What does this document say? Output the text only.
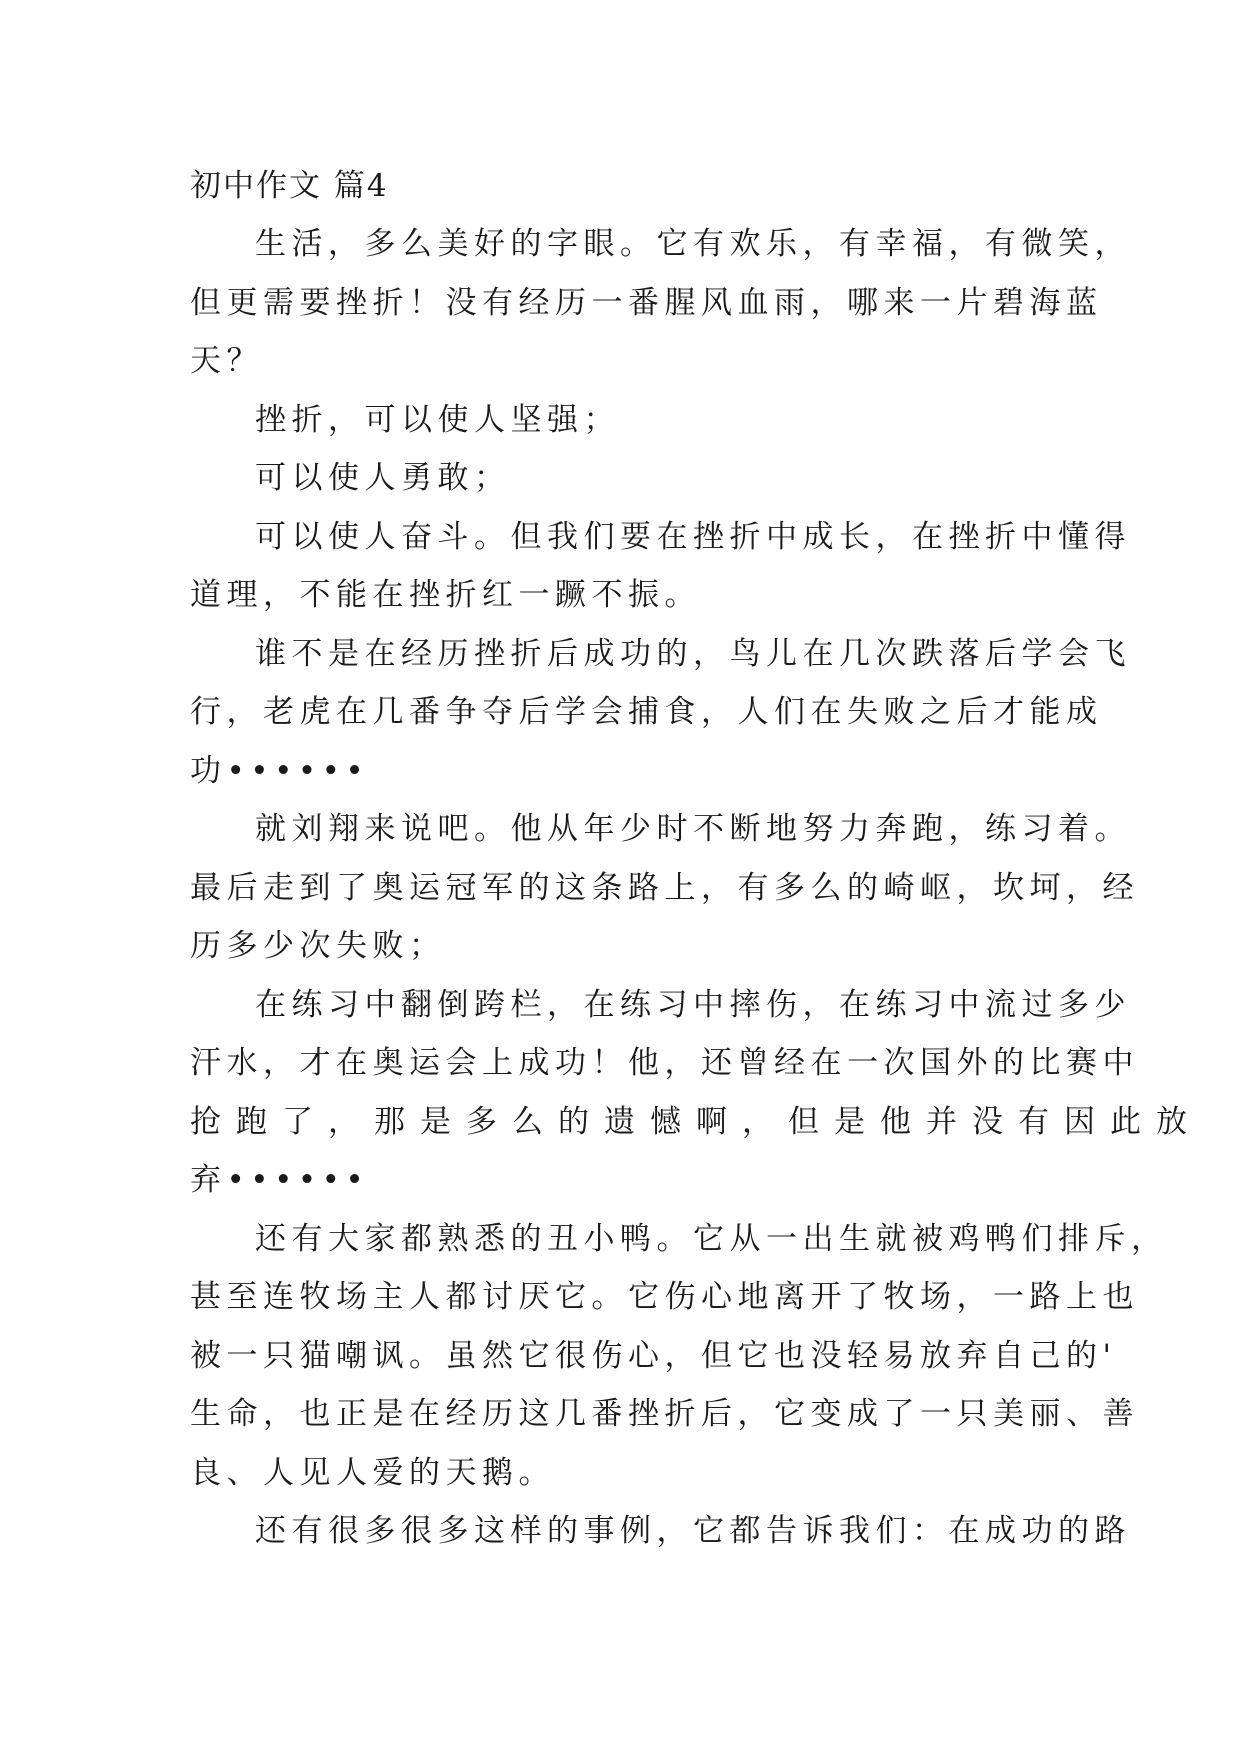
初中作文 篇4
生活，多么美好的字眼。它有欢乐，有幸福，有微笑，
但更需要挫折！没有经历一番腥风血雨，哪来一片碧海蓝
天？
挫折，可以使人坚强；
可以使人勇敢；
可以使人奋斗。但我们要在挫折中成长，在挫折中懂得
道理，不能在挫折红一蹶不振。
谁不是在经历挫折后成功的，鸟儿在几次跌落后学会飞
行，老虎在几番争夺后学会捕食，人们在失败之后才能成
功••••••
就刘翔来说吧。他从年少时不断地努力奔跑，练习着。
最后走到了奥运冠军的这条路上，有多么的崎岖，坎坷，经
历多少次失败；
在练习中翻倒跨栏，在练习中摔伤，在练习中流过多少
汗水，才在奥运会上成功！他，还曾经在一次国外的比赛中
抢跑了，那是多么的遗憾啊，但是他并没有因此放
弃••••••
还有大家都熟悉的丑小鸭。它从一出生就被鸡鸭们排斥，
甚至连牧场主人都讨厌它。它伤心地离开了牧场，一路上也
被一只猫嘲讽。虽然它很伤心，但它也没轻易放弃自己的'
生命，也正是在经历这几番挫折后，它变成了一只美丽、善
良、人见人爱的天鹅。
还有很多很多这样的事例，它都告诉我们：在成功的路
